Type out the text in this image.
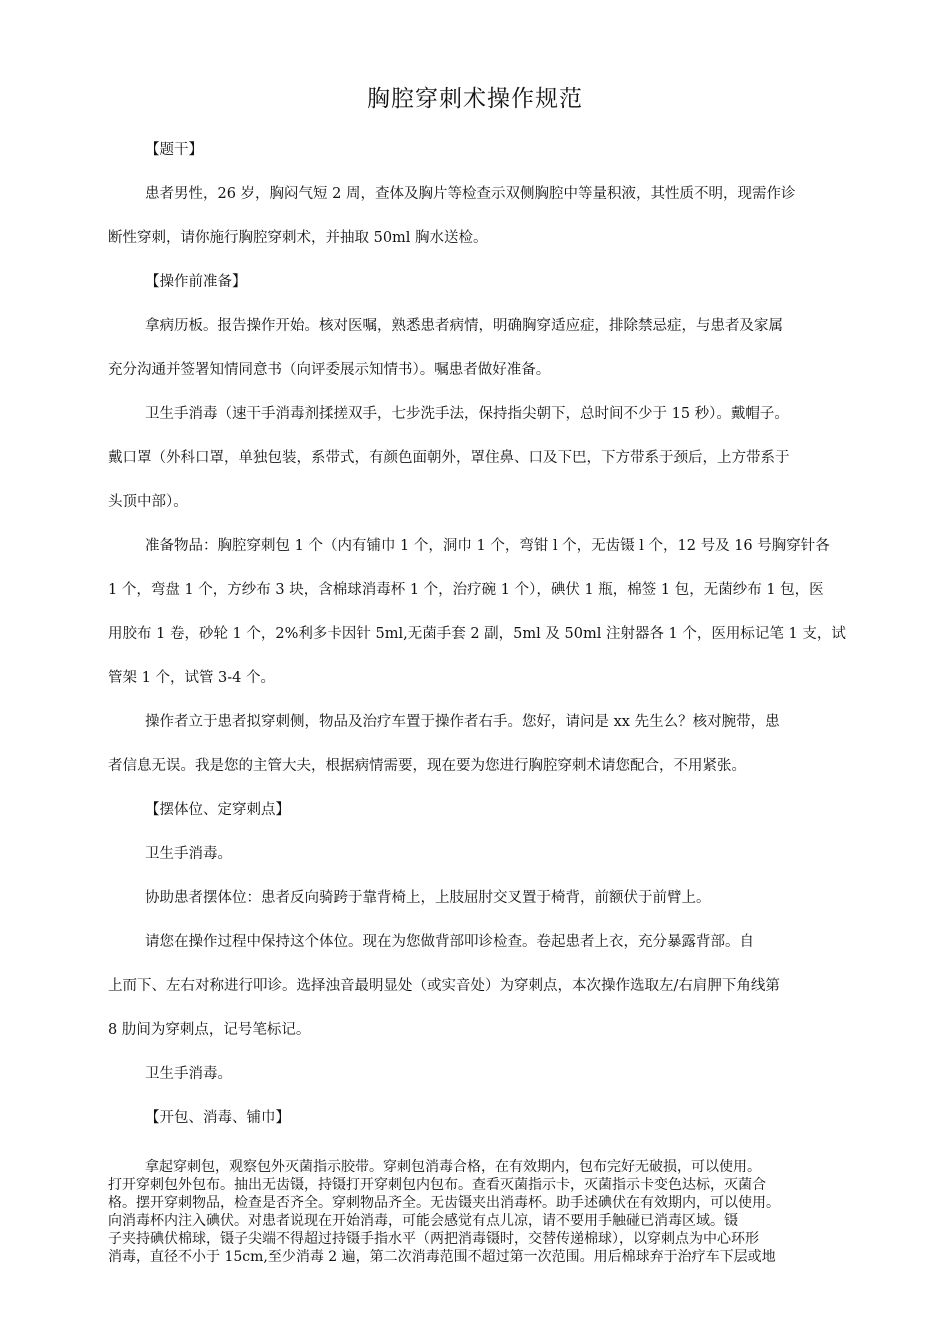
胸腔穿刺术操作规范
【题干】
患者男性，26 岁，胸闷气短 2 周，查体及胸片等检查示双侧胸腔中等量积液，其性质不明，现需作诊
断性穿刺，请你施行胸腔穿刺术，并抽取 50ml 胸水送检。
【操作前准备】
拿病历板。报告操作开始。核对医嘱，熟悉患者病情，明确胸穿适应症，排除禁忌症，与患者及家属
充分沟通并签署知情同意书（向评委展示知情书）。嘱患者做好准备。
卫生手消毒（速干手消毒剂揉搓双手，七步洗手法，保持指尖朝下，总时间不少于 15 秒）。戴帽子。
戴口罩（外科口罩，单独包装，系带式，有颜色面朝外，罩住鼻、口及下巴，下方带系于颈后，上方带系于
头顶中部）。
准备物品：胸腔穿刺包 1 个（内有铺巾 1 个，洞巾 1 个，弯钳 l 个，无齿镊 l 个，12 号及 16 号胸穿针各
1 个，弯盘 1 个，方纱布 3 块，含棉球消毒杯 1 个，治疗碗 1 个），碘伏 1 瓶，棉签 1 包，无菌纱布 1 包，医
用胶布 1 卷，砂轮 1 个，2%利多卡因针 5ml,无菌手套 2 副，5ml 及 50ml 注射器各 1 个，医用标记笔 1 支，试
管架 1 个，试管 3-4 个。
操作者立于患者拟穿刺侧，物品及治疗车置于操作者右手。您好，请问是 xx 先生么？核对腕带，患
者信息无误。我是您的主管大夫，根据病情需要，现在要为您进行胸腔穿刺术请您配合，不用紧张。
【摆体位、定穿刺点】
卫生手消毒。
协助患者摆体位：患者反向骑跨于靠背椅上，上肢屈肘交叉置于椅背，前额伏于前臂上。
请您在操作过程中保持这个体位。现在为您做背部叩诊检查。卷起患者上衣，充分暴露背部。自
上而下、左右对称进行叩诊。选择浊音最明显处（或实音处）为穿刺点，本次操作选取左/右肩胛下角线第
8 肋间为穿刺点，记号笔标记。
卫生手消毒。
【开包、消毒、铺巾】
拿起穿刺包，观察包外灭菌指示胶带。穿刺包消毒合格，在有效期内，包布完好无破损，可以使用。
打开穿刺包外包布。抽出无齿镊，持镊打开穿刺包内包布。查看灭菌指示卡，灭菌指示卡变色达标，灭菌合
格。摆开穿刺物品，检查是否齐全。穿刺物品齐全。无齿镊夹出消毒杯。助手述碘伏在有效期内，可以使用。
向消毒杯内注入碘伏。对患者说现在开始消毒，可能会感觉有点儿凉，请不要用手触碰已消毒区域。镊
子夹持碘伏棉球，镊子尖端不得超过持镊手指水平（两把消毒镊时，交替传递棉球），以穿刺点为中心环形
消毒，直径不小于 15cm,至少消毒 2 遍，第二次消毒范围不超过第一次范围。用后棉球弃于治疗车下层或地
